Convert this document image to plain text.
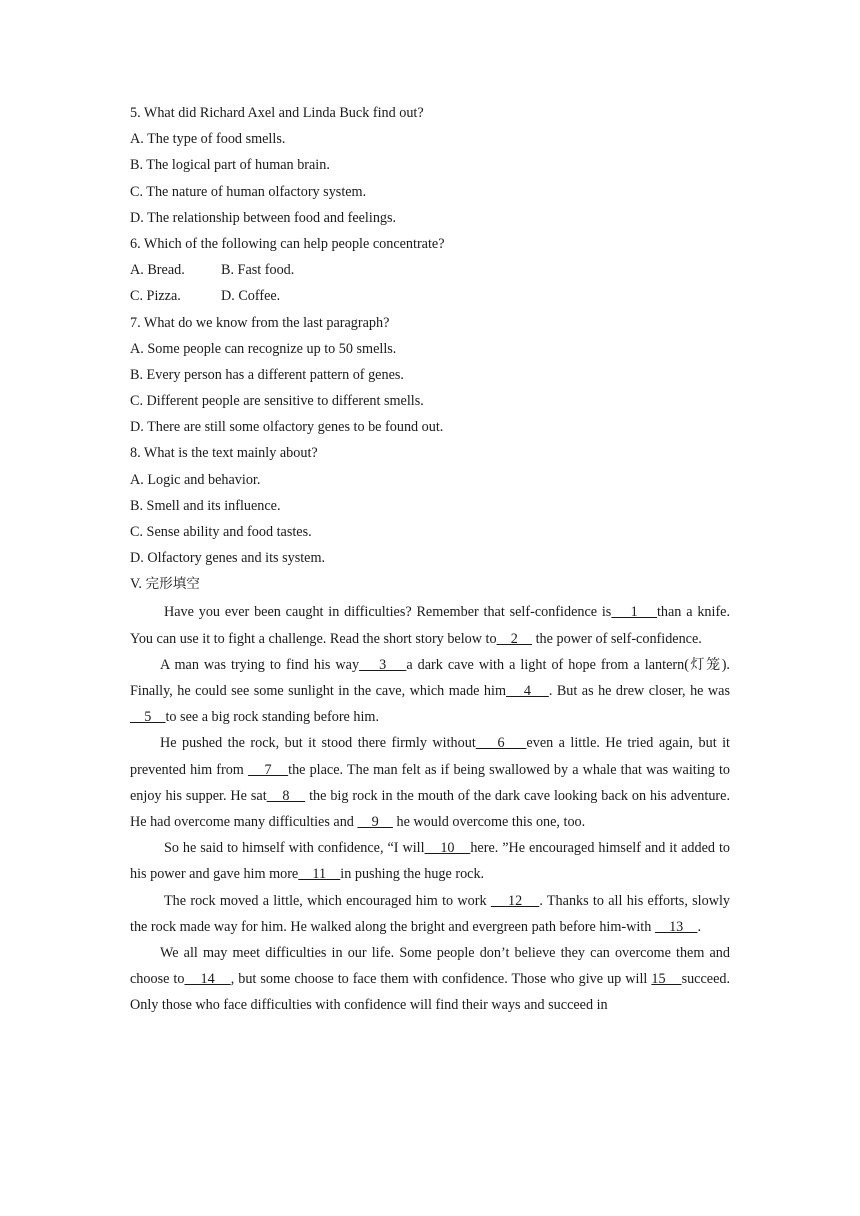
5. What did Richard Axel and Linda Buck find out?

A. The type of food smells.

B. The logical part of human brain.

C. The nature of human olfactory system.

D. The relationship between food and feelings.

6. Which of the following can help people concentrate?

A. Bread.	B. Fast food.
C. Pizza.	D. Coffee.

7. What do we know from the last paragraph?

A. Some people can recognize up to 50 smells.

B. Every person has a different pattern of genes.

C. Different people are sensitive to different smells.

D. There are still some olfactory genes to be found out.

8. What is the text mainly about?

A. Logic and behavior.

B. Smell and its influence.

C. Sense ability and food tastes.

D. Olfactory genes and its system.

V. 完形填空

Have you ever been caught in difficulties? Remember that self-confidence is    1    than a knife. You can use it to fight a challenge. Read the short story below to    2     the power of self-confidence.

A man was trying to find his way    3    a dark cave with a light of hope from a lantern(灯笼). Finally, he could see some sunlight in the cave, which made him    4    . But as he drew closer, he was     5    to see a big rock standing before him.

He pushed the rock, but it stood there firmly without    6    even a little. He tried again, but it prevented him from     7    the place. The man felt as if being swallowed by a whale that was waiting to enjoy his supper. He sat    8     the big rock in the mouth of the dark cave looking back on his adventure. He had overcome many difficulties and     9     he would overcome this one, too.

So he said to himself with confidence, “I will    10    here. ”He encouraged himself and it added to his power and gave him more    11    in pushing the huge rock.

The rock moved a little, which encouraged him to work     12    . Thanks to all his efforts, slowly the rock made way for him. He walked along the bright and evergreen path before him-with     13    .

We all may meet difficulties in our life. Some people don’t believe they can overcome them and choose to    14    , but some choose to face them with confidence. Those who give up will 15    succeed. Only those who face difficulties with confidence will find their ways and succeed in
